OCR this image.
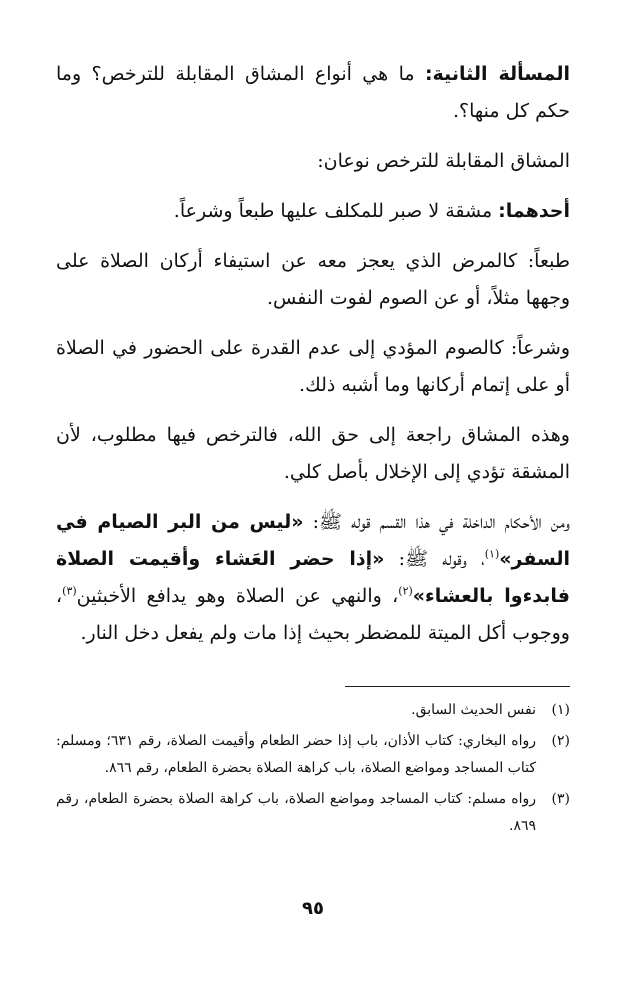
المسألة الثانية: ما هي أنواع المشاق المقابلة للترخص؟ وما حكم كل منها؟.

المشاق المقابلة للترخص نوعان:

أحدهما: مشقة لا صبر للمكلف عليها طبعاً وشرعاً.

طبعاً: كالمرض الذي يعجز معه عن استيفاء أركان الصلاة على وجهها مثلاً، أو عن الصوم لفوت النفس.

وشرعاً: كالصوم المؤدي إلى عدم القدرة على الحضور في الصلاة أو على إتمام أركانها وما أشبه ذلك.

وهذه المشاق راجعة إلى حق الله، فالترخص فيها مطلوب، لأن المشقة تؤدي إلى الإخلال بأصل كلي.

ومن الأحكام الداخلة في هذا القسم قوله ﷺ: «ليس من البر الصيام في السفر»$^{(١)}$، وقوله ﷺ: «إذا حضر العَشاء وأقيمت الصلاة فابدءوا بالعشاء»$^{(٢)}$، والنهي عن الصلاة وهو يدافع الأخبثين$^{(٣)}$، ووجوب أكل الميتة للمضطر بحيث إذا مات ولم يفعل دخل النار.

(١)
نفس الحديث السابق.
(٢)
رواه البخاري: كتاب الأذان، باب إذا حضر الطعام وأقيمت الصلاة، رقم ٦٣١؛ ومسلم: كتاب المساجد ومواضع الصلاة، باب كراهة الصلاة بحضرة الطعام، رقم ٨٦٦.
(٣)
رواه مسلم: كتاب المساجد ومواضع الصلاة، باب كراهة الصلاة بحضرة الطعام، رقم ٨٦٩.
٩٥
